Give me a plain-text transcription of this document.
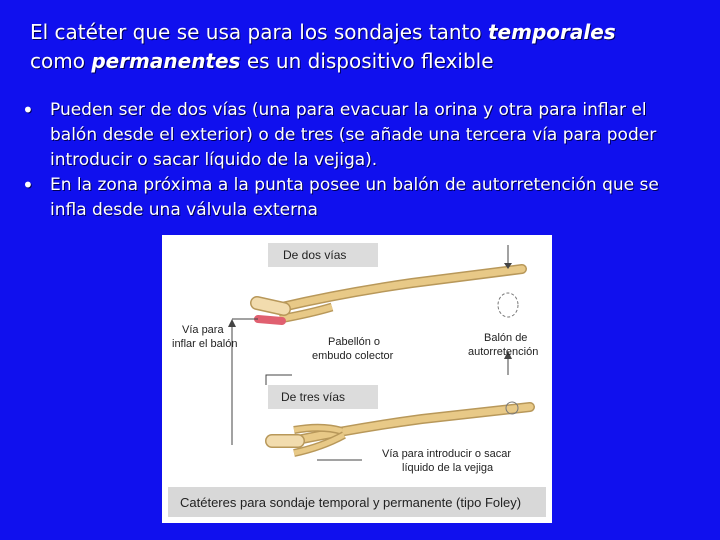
El catéter que se usa para los sondajes tanto temporales
como permanentes es un dispositivo flexible
• Pueden ser de dos vías (una para evacuar la orina y otra para inflar el balón desde el exterior) o de tres (se añade una tercera vía para poder introducir o sacar líquido de la vejiga).
• En la zona próxima a la punta posee un balón de autorretención que se infla desde una válvula externa
De dos vías
De tres vías
Vía para
inflar el balón	Pabellón o
embudo colector
Balón de
autorretención
Vía para introducir o sacar
líquido de la vejiga
Catéteres para sondaje temporal y permanente (tipo Foley)
